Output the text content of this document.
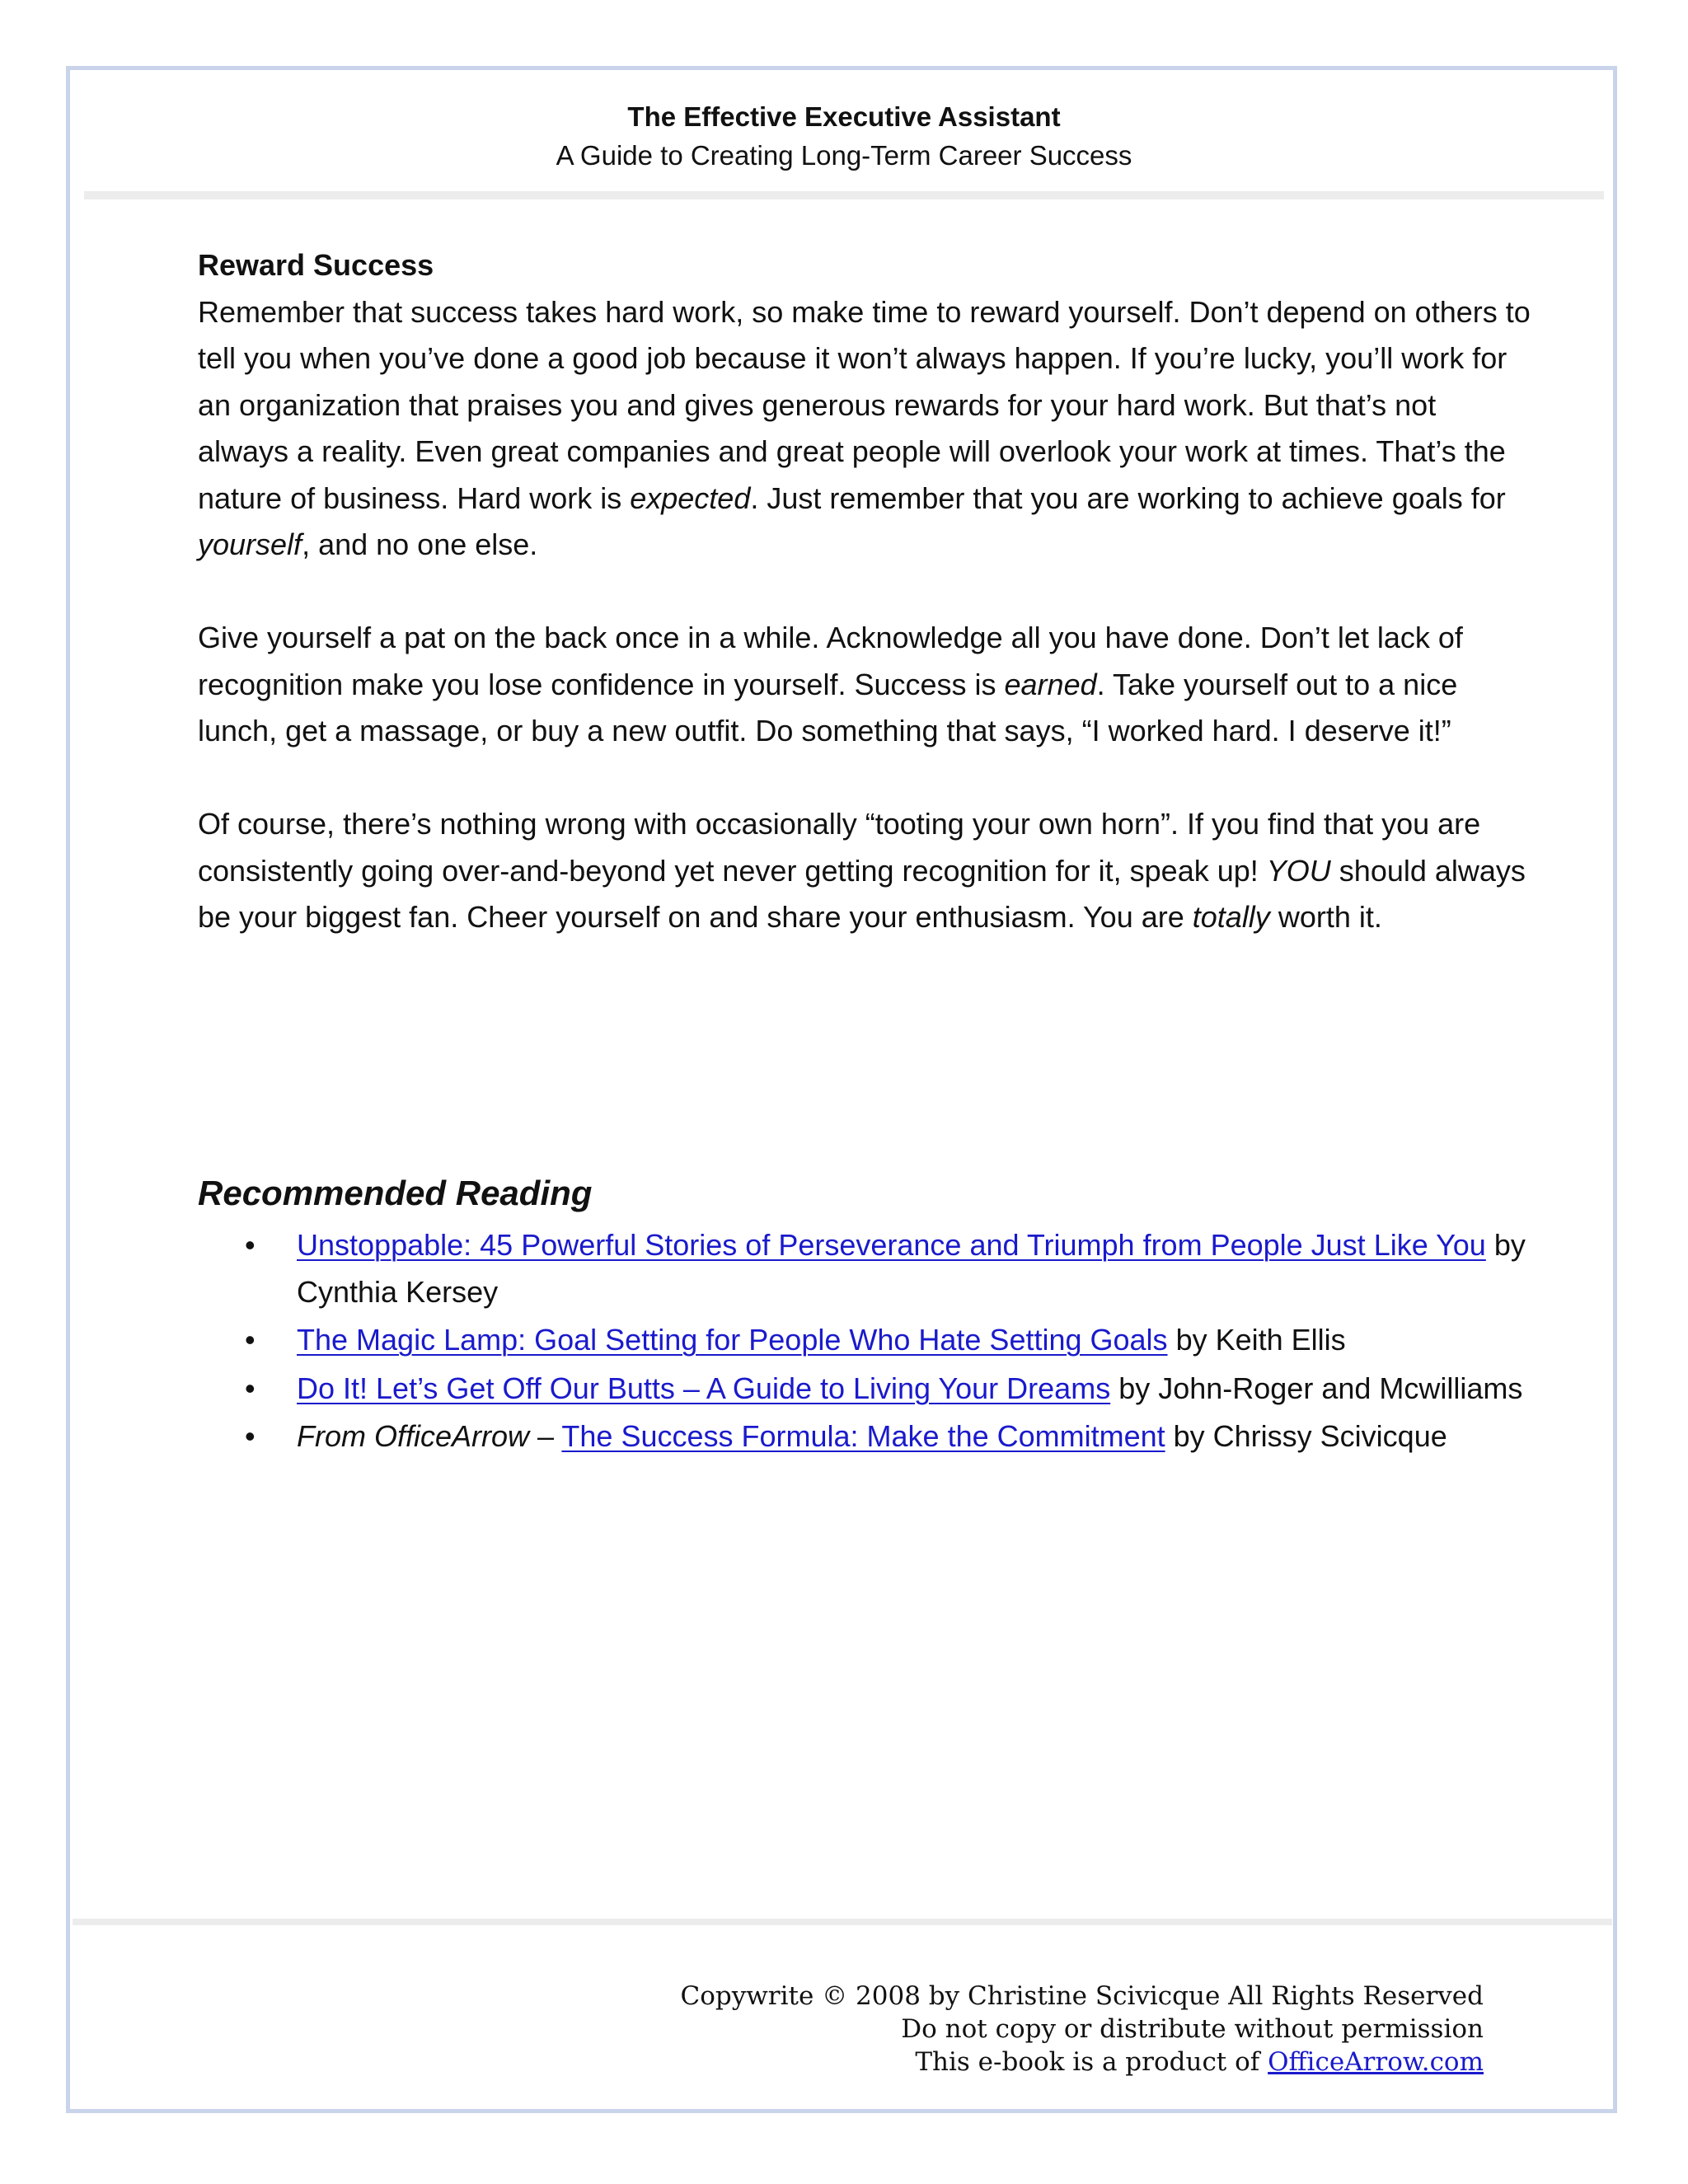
The Effective Executive Assistant

A Guide to Creating Long-Term Career Success

Reward Success

Remember that success takes hard work, so make time to reward yourself. Don’t depend on others to tell you when you’ve done a good job because it won’t always happen. If you’re lucky, you’ll work for an organization that praises you and gives generous rewards for your hard work. But that’s not always a reality. Even great companies and great people will overlook your work at times. That’s the nature of business. Hard work is expected. Just remember that you are working to achieve goals for yourself, and no one else.

Give yourself a pat on the back once in a while. Acknowledge all you have done. Don’t let lack of recognition make you lose confidence in yourself. Success is earned. Take yourself out to a nice lunch, get a massage, or buy a new outfit. Do something that says, “I worked hard. I deserve it!”

Of course, there’s nothing wrong with occasionally “tooting your own horn”. If you find that you are consistently going over-and-beyond yet never getting recognition for it, speak up! YOU should always be your biggest fan. Cheer yourself on and share your enthusiasm. You are totally worth it.

Recommended Reading

• Unstoppable: 45 Powerful Stories of Perseverance and Triumph from People Just Like You by Cynthia Kersey
• The Magic Lamp: Goal Setting for People Who Hate Setting Goals by Keith Ellis
• Do It! Let’s Get Off Our Butts – A Guide to Living Your Dreams by John-Roger and Mcwilliams
• From OfficeArrow – The Success Formula: Make the Commitment by Chrissy Scivicque

Copywrite © 2008 by Christine Scivicque All Rights Reserved

Do not copy or distribute without permission

This e-book is a product of OfficeArrow.com
